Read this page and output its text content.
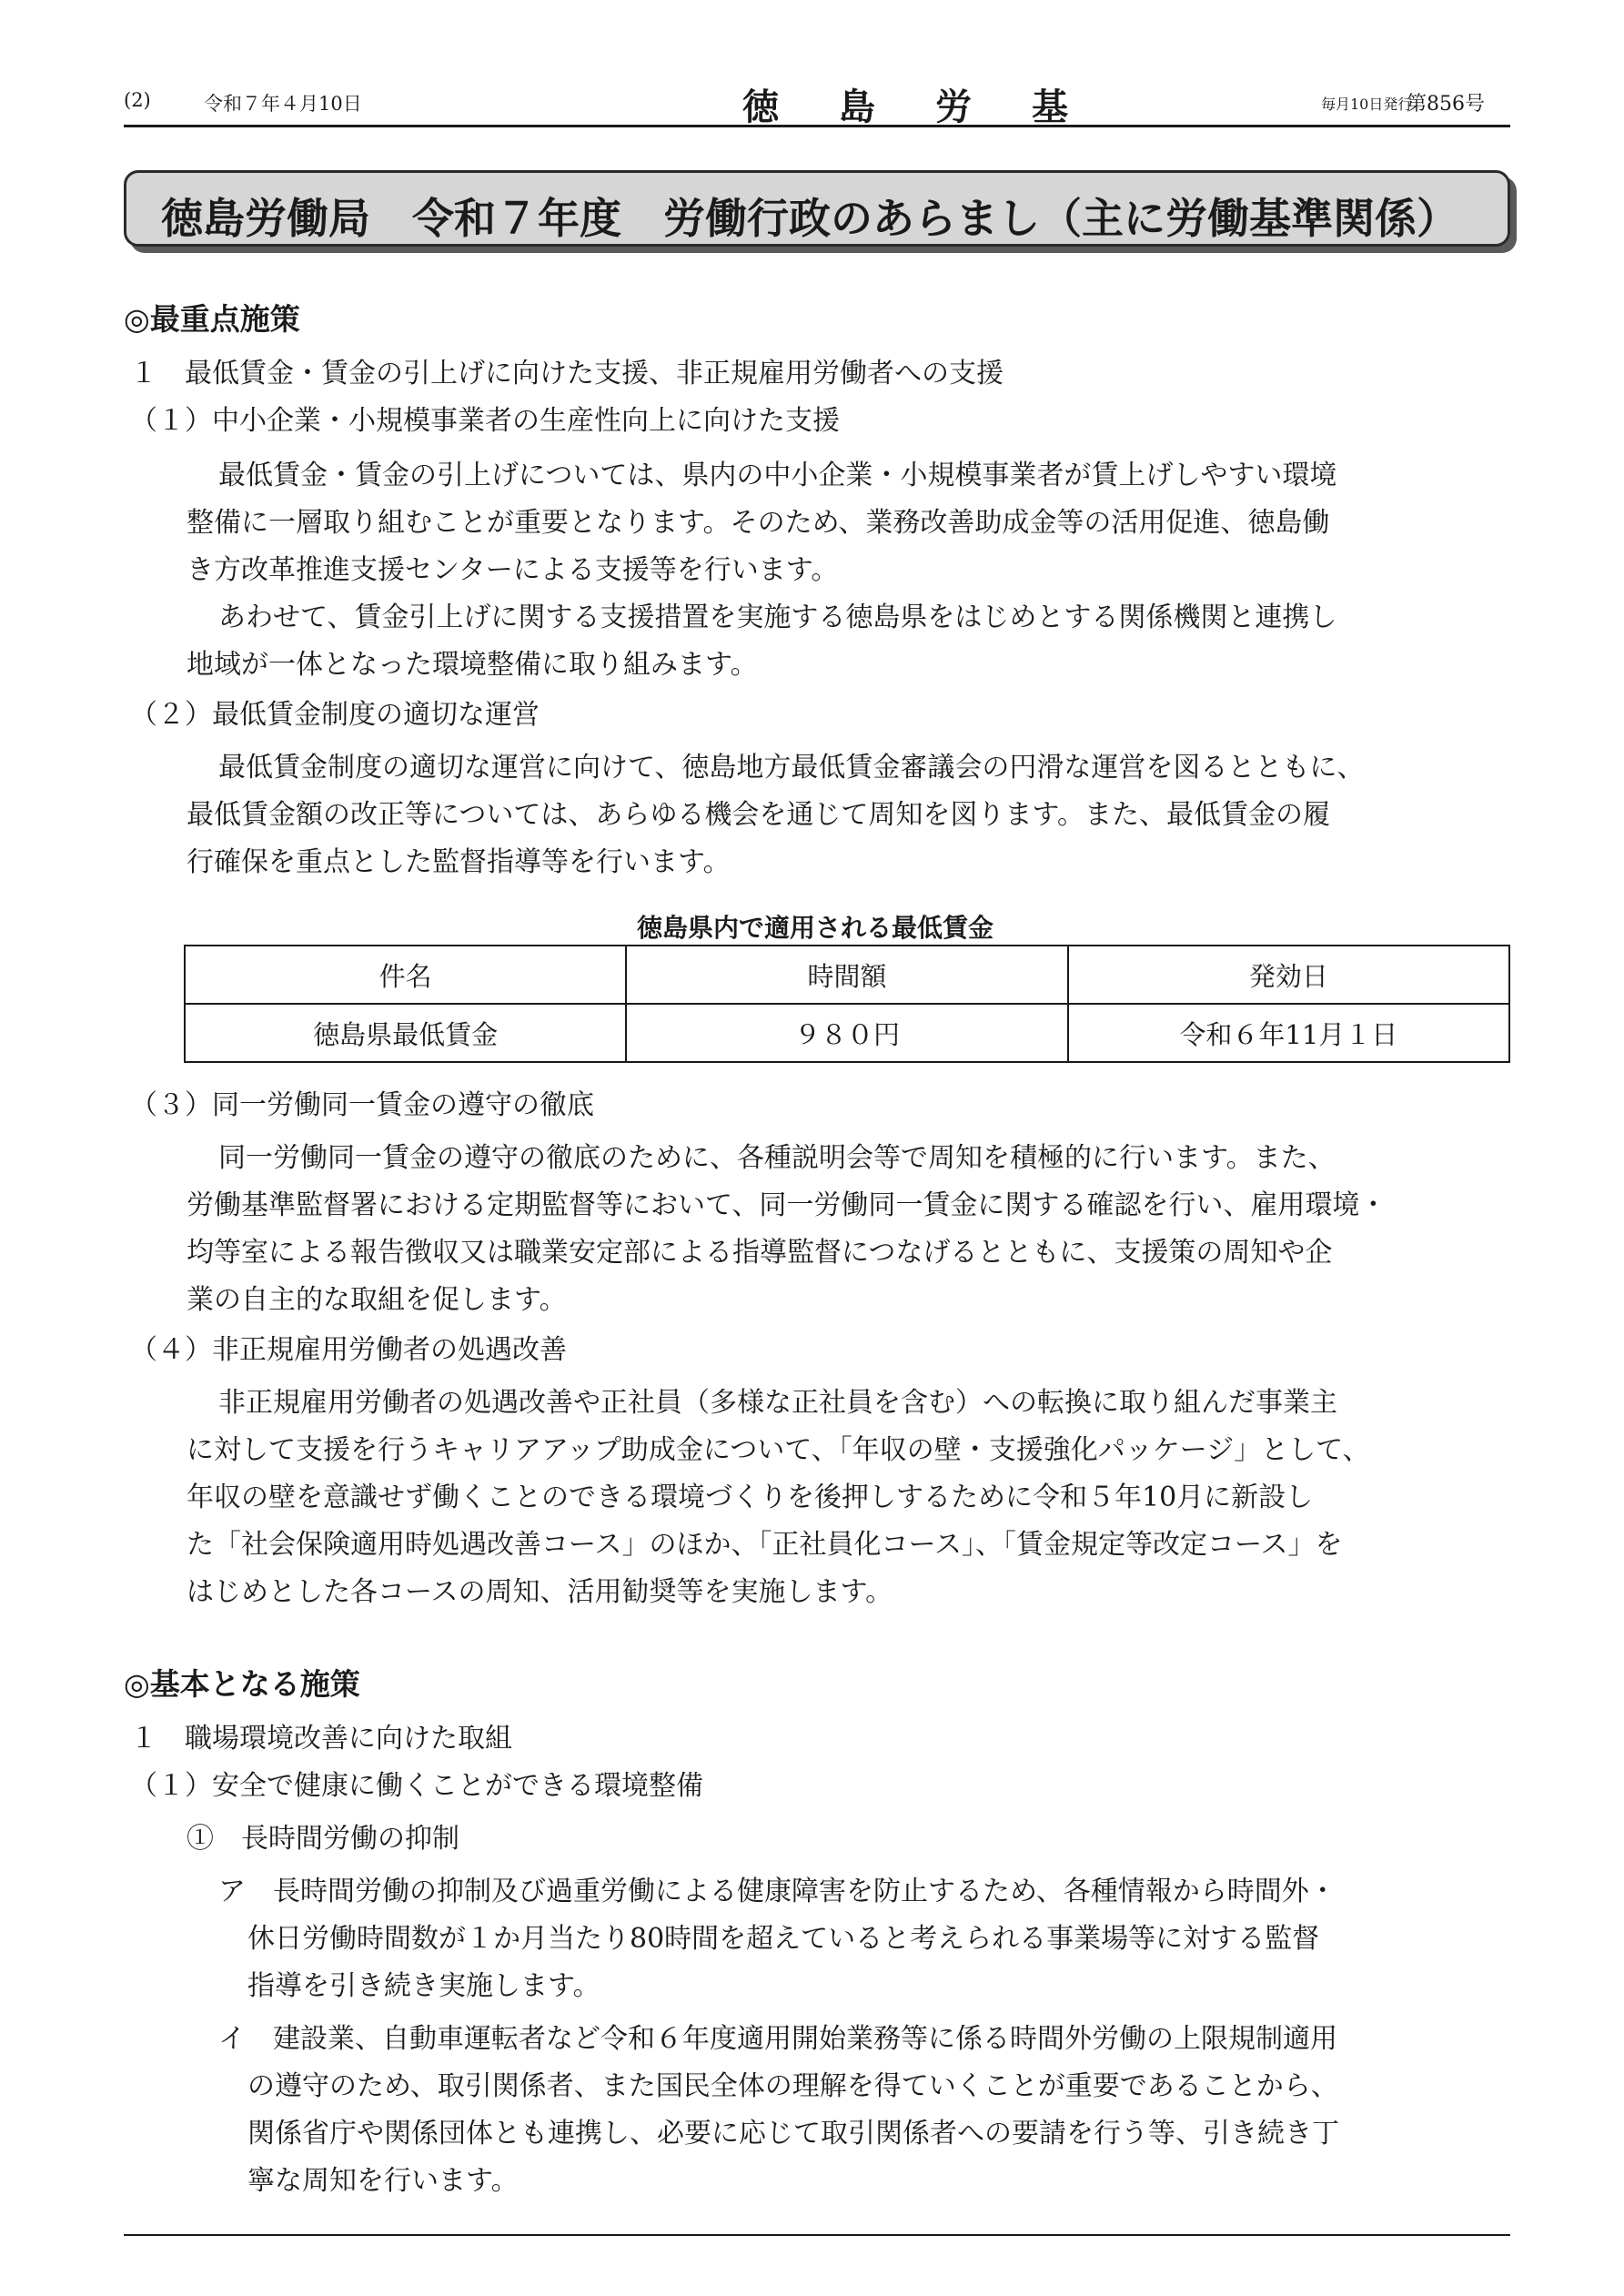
(2)	令和７年４月10日	徳島労基	毎月10日発行
第856号
徳島労働局　令和７年度　労働行政のあらまし（主に労働基準関係）
◎最重点施策
１　最低賃金・賃金の引上げに向けた支援、非正規雇用労働者への支援
（１）中小企業・小規模事業者の生産性向上に向けた支援
最低賃金・賃金の引上げについては、県内の中小企業・小規模事業者が賃上げしやすい環境
整備に一層取り組むことが重要となります。そのため、業務改善助成金等の活用促進、徳島働
き方改革推進支援センターによる支援等を行います。
あわせて、賃金引上げに関する支援措置を実施する徳島県をはじめとする関係機関と連携し
地域が一体となった環境整備に取り組みます。
（２）最低賃金制度の適切な運営
最低賃金制度の適切な運営に向けて、徳島地方最低賃金審議会の円滑な運営を図るとともに、
最低賃金額の改正等については、あらゆる機会を通じて周知を図ります。また、最低賃金の履
行確保を重点とした監督指導等を行います。
徳島県内で適用される最低賃金
件名	時間額	発効日
徳島県最低賃金	９８０円	令和６年11月１日
（３）同一労働同一賃金の遵守の徹底
同一労働同一賃金の遵守の徹底のために、各種説明会等で周知を積極的に行います。また、
労働基準監督署における定期監督等において、同一労働同一賃金に関する確認を行い、雇用環境・
均等室による報告徴収又は職業安定部による指導監督につなげるとともに、支援策の周知や企
業の自主的な取組を促します。
（４）非正規雇用労働者の処遇改善
非正規雇用労働者の処遇改善や正社員（多様な正社員を含む）への転換に取り組んだ事業主
に対して支援を行うキャリアアップ助成金について、「年収の壁・支援強化パッケージ」として、
年収の壁を意識せず働くことのできる環境づくりを後押しするために令和５年10月に新設し
た「社会保険適用時処遇改善コース」のほか、「正社員化コース」、「賃金規定等改定コース」を
はじめとした各コースの周知、活用勧奨等を実施します。
◎基本となる施策
１　職場環境改善に向けた取組
（１）安全で健康に働くことができる環境整備
①　長時間労働の抑制
ア　長時間労働の抑制及び過重労働による健康障害を防止するため、各種情報から時間外・
休日労働時間数が１か月当たり80時間を超えていると考えられる事業場等に対する監督
指導を引き続き実施します。
イ　建設業、自動車運転者など令和６年度適用開始業務等に係る時間外労働の上限規制適用
の遵守のため、取引関係者、また国民全体の理解を得ていくことが重要であることから、
関係省庁や関係団体とも連携し、必要に応じて取引関係者への要請を行う等、引き続き丁
寧な周知を行います。
